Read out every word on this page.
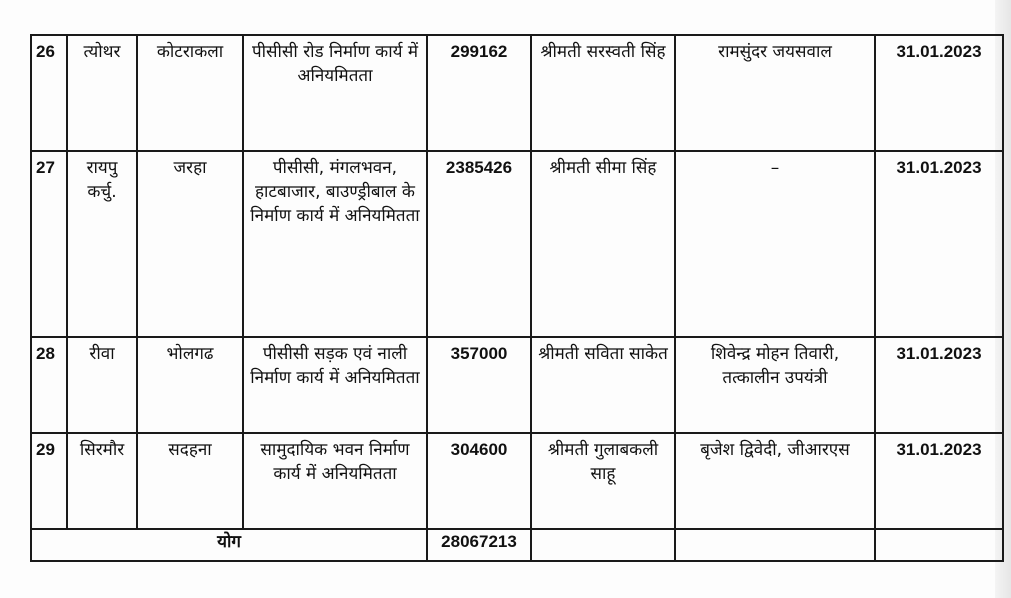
26	त्योथर	कोटराकला	पीसीसी रोड निर्माण कार्य में अनियमितता	299162	श्रीमती सरस्वती सिंह	रामसुंदर जयसवाल	31.01.2023
27	रायपु कर्चु.	जरहा	पीसीसी, मंगलभवन, हाटबाजार, बाउण्ड्रीबाल के निर्माण कार्य में अनियमितता	2385426	श्रीमती सीमा सिंह	–	31.01.2023
28	रीवा	भोलगढ	पीसीसी सड़क एवं नाली निर्माण कार्य में अनियमितता	357000	श्रीमती सविता साकेत	शिवेन्द्र मोहन तिवारी, तत्कालीन उपयंत्री	31.01.2023
29	सिरमौर	सदहना	सामुदायिक भवन निर्माण कार्य में अनियमितता	304600	श्रीमती गुलाबकली साहू	बृजेश द्विवेदी, जीआरएस	31.01.2023
योग				28067213			
